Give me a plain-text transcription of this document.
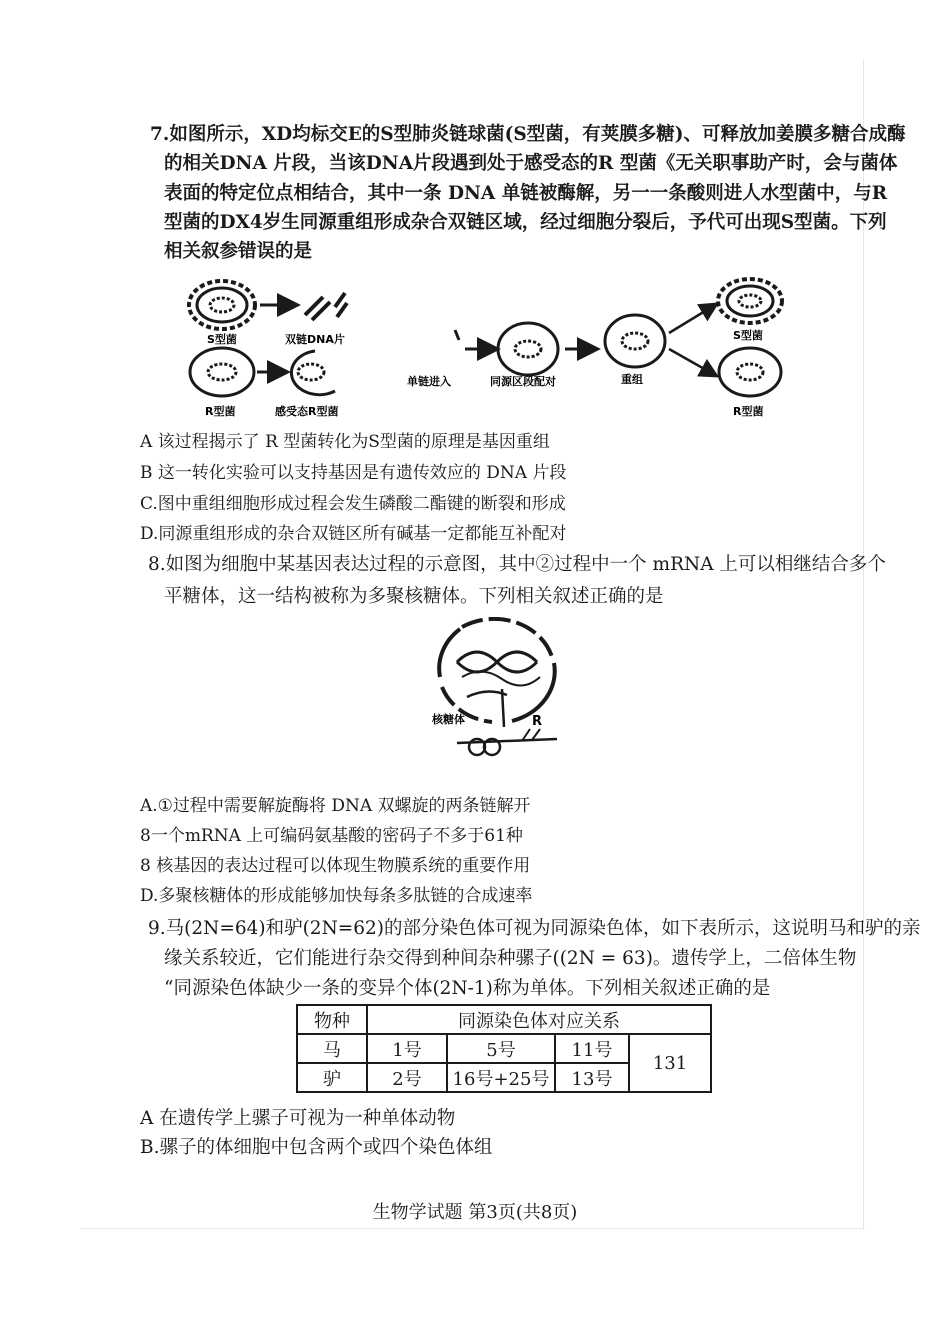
7.如图所示，XD均标交E的S型肺炎链球菌(S型菌，有荚膜多糖)、可释放加姜膜多糖合成酶
的相关DNA 片段，当该DNA片段遇到处于感受态的R 型菌《无关职事助产时，会与菌体
表面的特定位点相结合，其中一条 DNA 单链被酶解，另一一条酸则进人水型菌中，与R
型菌的DX4岁生同源重组形成杂合双链区域，经过细胞分裂后，予代可出现S型菌。下列
相关叙参错误的是
S型菌	双链DNA片
R型菌	感受态R型菌
单链进入	同源区段配对	重组
S型菌
R型菌
A 该过程揭示了 R 型菌转化为S型菌的原理是基因重组
B 这一转化实验可以支持基因是有遗传效应的 DNA 片段
C.图中重组细胞形成过程会发生磷酸二酯键的断裂和形成
D.同源重组形成的杂合双链区所有碱基一定都能互补配对
8.如图为细胞中某基因表达过程的示意图，其中②过程中一个 mRNA 上可以相继结合多个
平糖体，这一结构被称为多聚核糖体。下列相关叙述正确的是
核糖体	R
A.①过程中需要解旋酶将 DNA 双螺旋的两条链解开
8一个mRNA 上可编码氨基酸的密码子不多于61种
8 核基因的表达过程可以体现生物膜系统的重要作用
D.多聚核糖体的形成能够加快每条多肽链的合成速率
9.马(2N=64)和驴(2N=62)的部分染色体可视为同源染色体，如下表所示，这说明马和驴的亲
缘关系较近，它们能进行杂交得到种间杂种骡子((2N = 63)。遗传学上，二倍体生物
“同源染色体缺少一条的变异个体(2N-1)称为单体。下列相关叙述正确的是
物种	同源染色体对应关系			
马	1号	5号	11号	131
驴	2号	16号+25号	13号	
A 在遗传学上骡子可视为一种单体动物
B.骡子的体细胞中包含两个或四个染色体组
生物学试题 第3页(共8页)
